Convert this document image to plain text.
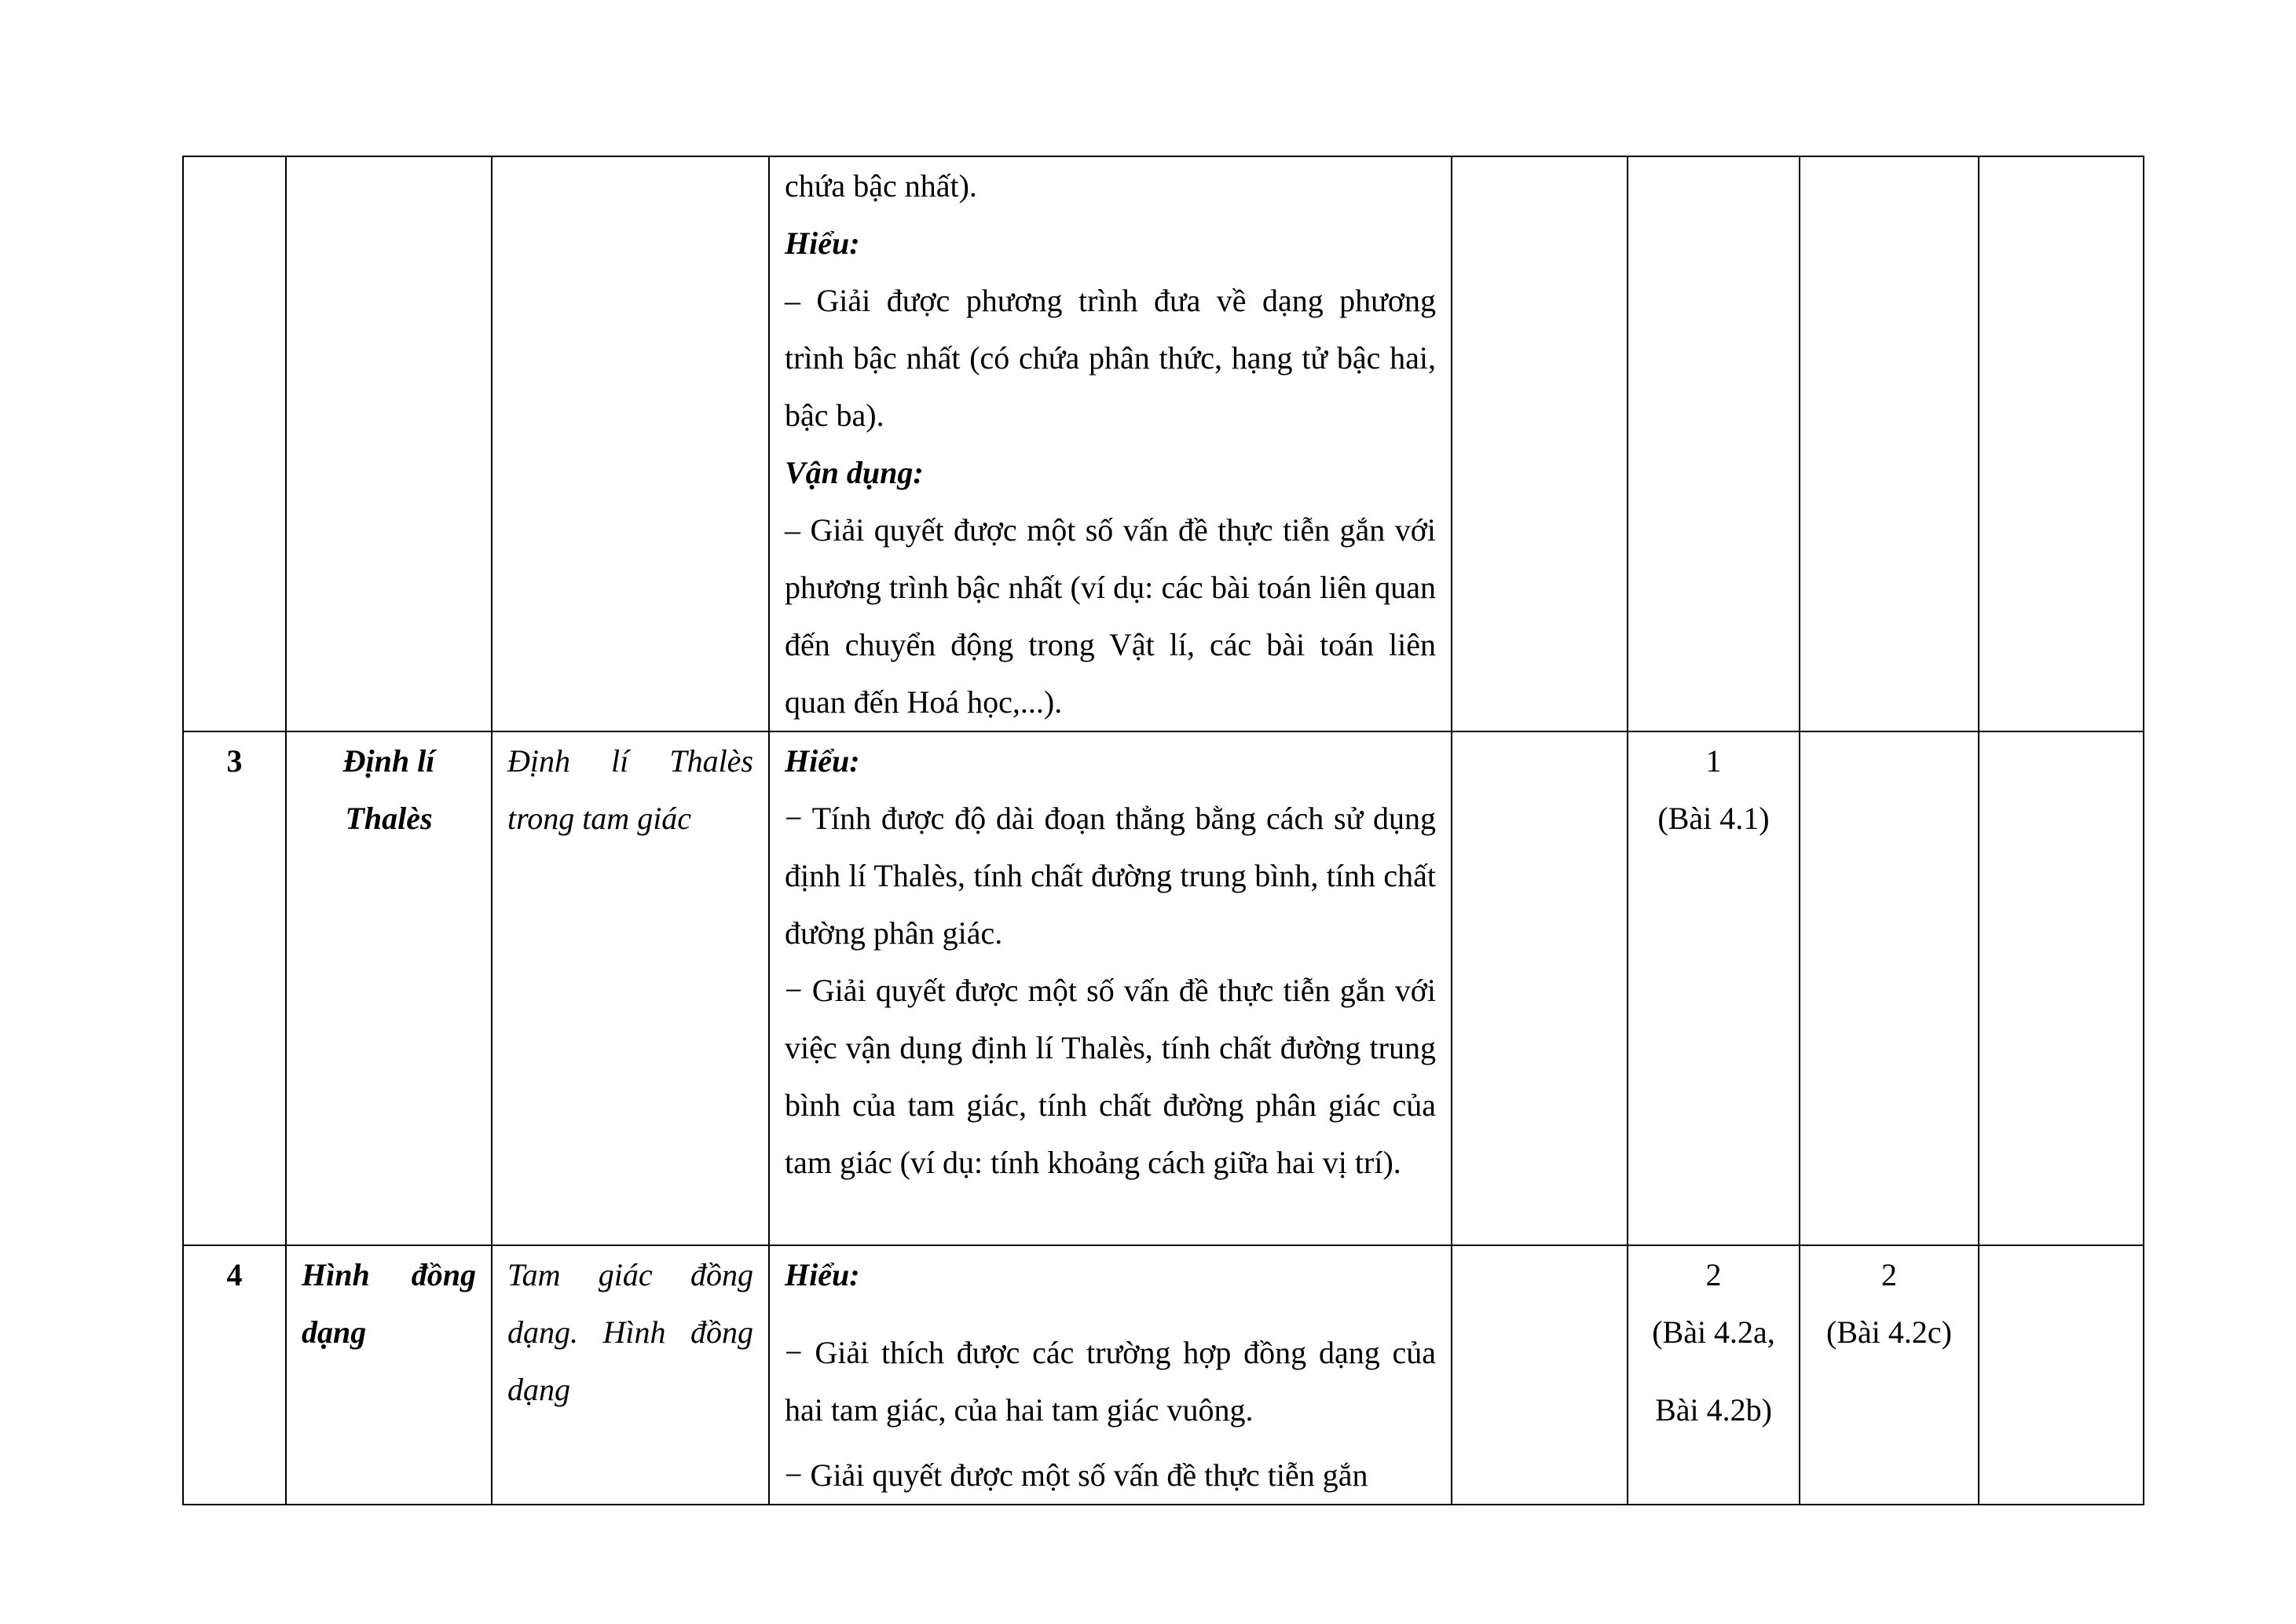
			chứa bậc nhất).
Hiểu:
– Giải được phương trình đưa về dạng phương trình bậc nhất (có chứa phân thức, hạng tử bậc hai, bậc ba).
Vận dụng:
– Giải quyết được một số vấn đề thực tiễn gắn với phương trình bậc nhất (ví dụ: các bài toán liên quan đến chuyển động trong Vật lí, các bài toán liên quan đến Hoá học,...).				

3	Định lí Thalès	Định lí Thalès trong tam giác	Hiểu:
− Tính được độ dài đoạn thẳng bằng cách sử dụng định lí Thalès, tính chất đường trung bình, tính chất đường phân giác.
− Giải quyết được một số vấn đề thực tiễn gắn với việc vận dụng định lí Thalès, tính chất đường trung bình của tam giác, tính chất đường phân giác của tam giác (ví dụ: tính khoảng cách giữa hai vị trí).		1
(Bài 4.1)		

4	Hình đồng dạng	Tam giác đồng dạng. Hình đồng dạng	Hiểu:
− Giải thích được các trường hợp đồng dạng của hai tam giác, của hai tam giác vuông.
− Giải quyết được một số vấn đề thực tiễn gắn		2
(Bài 4.2a,
Bài 4.2b)	2
(Bài 4.2c)	
